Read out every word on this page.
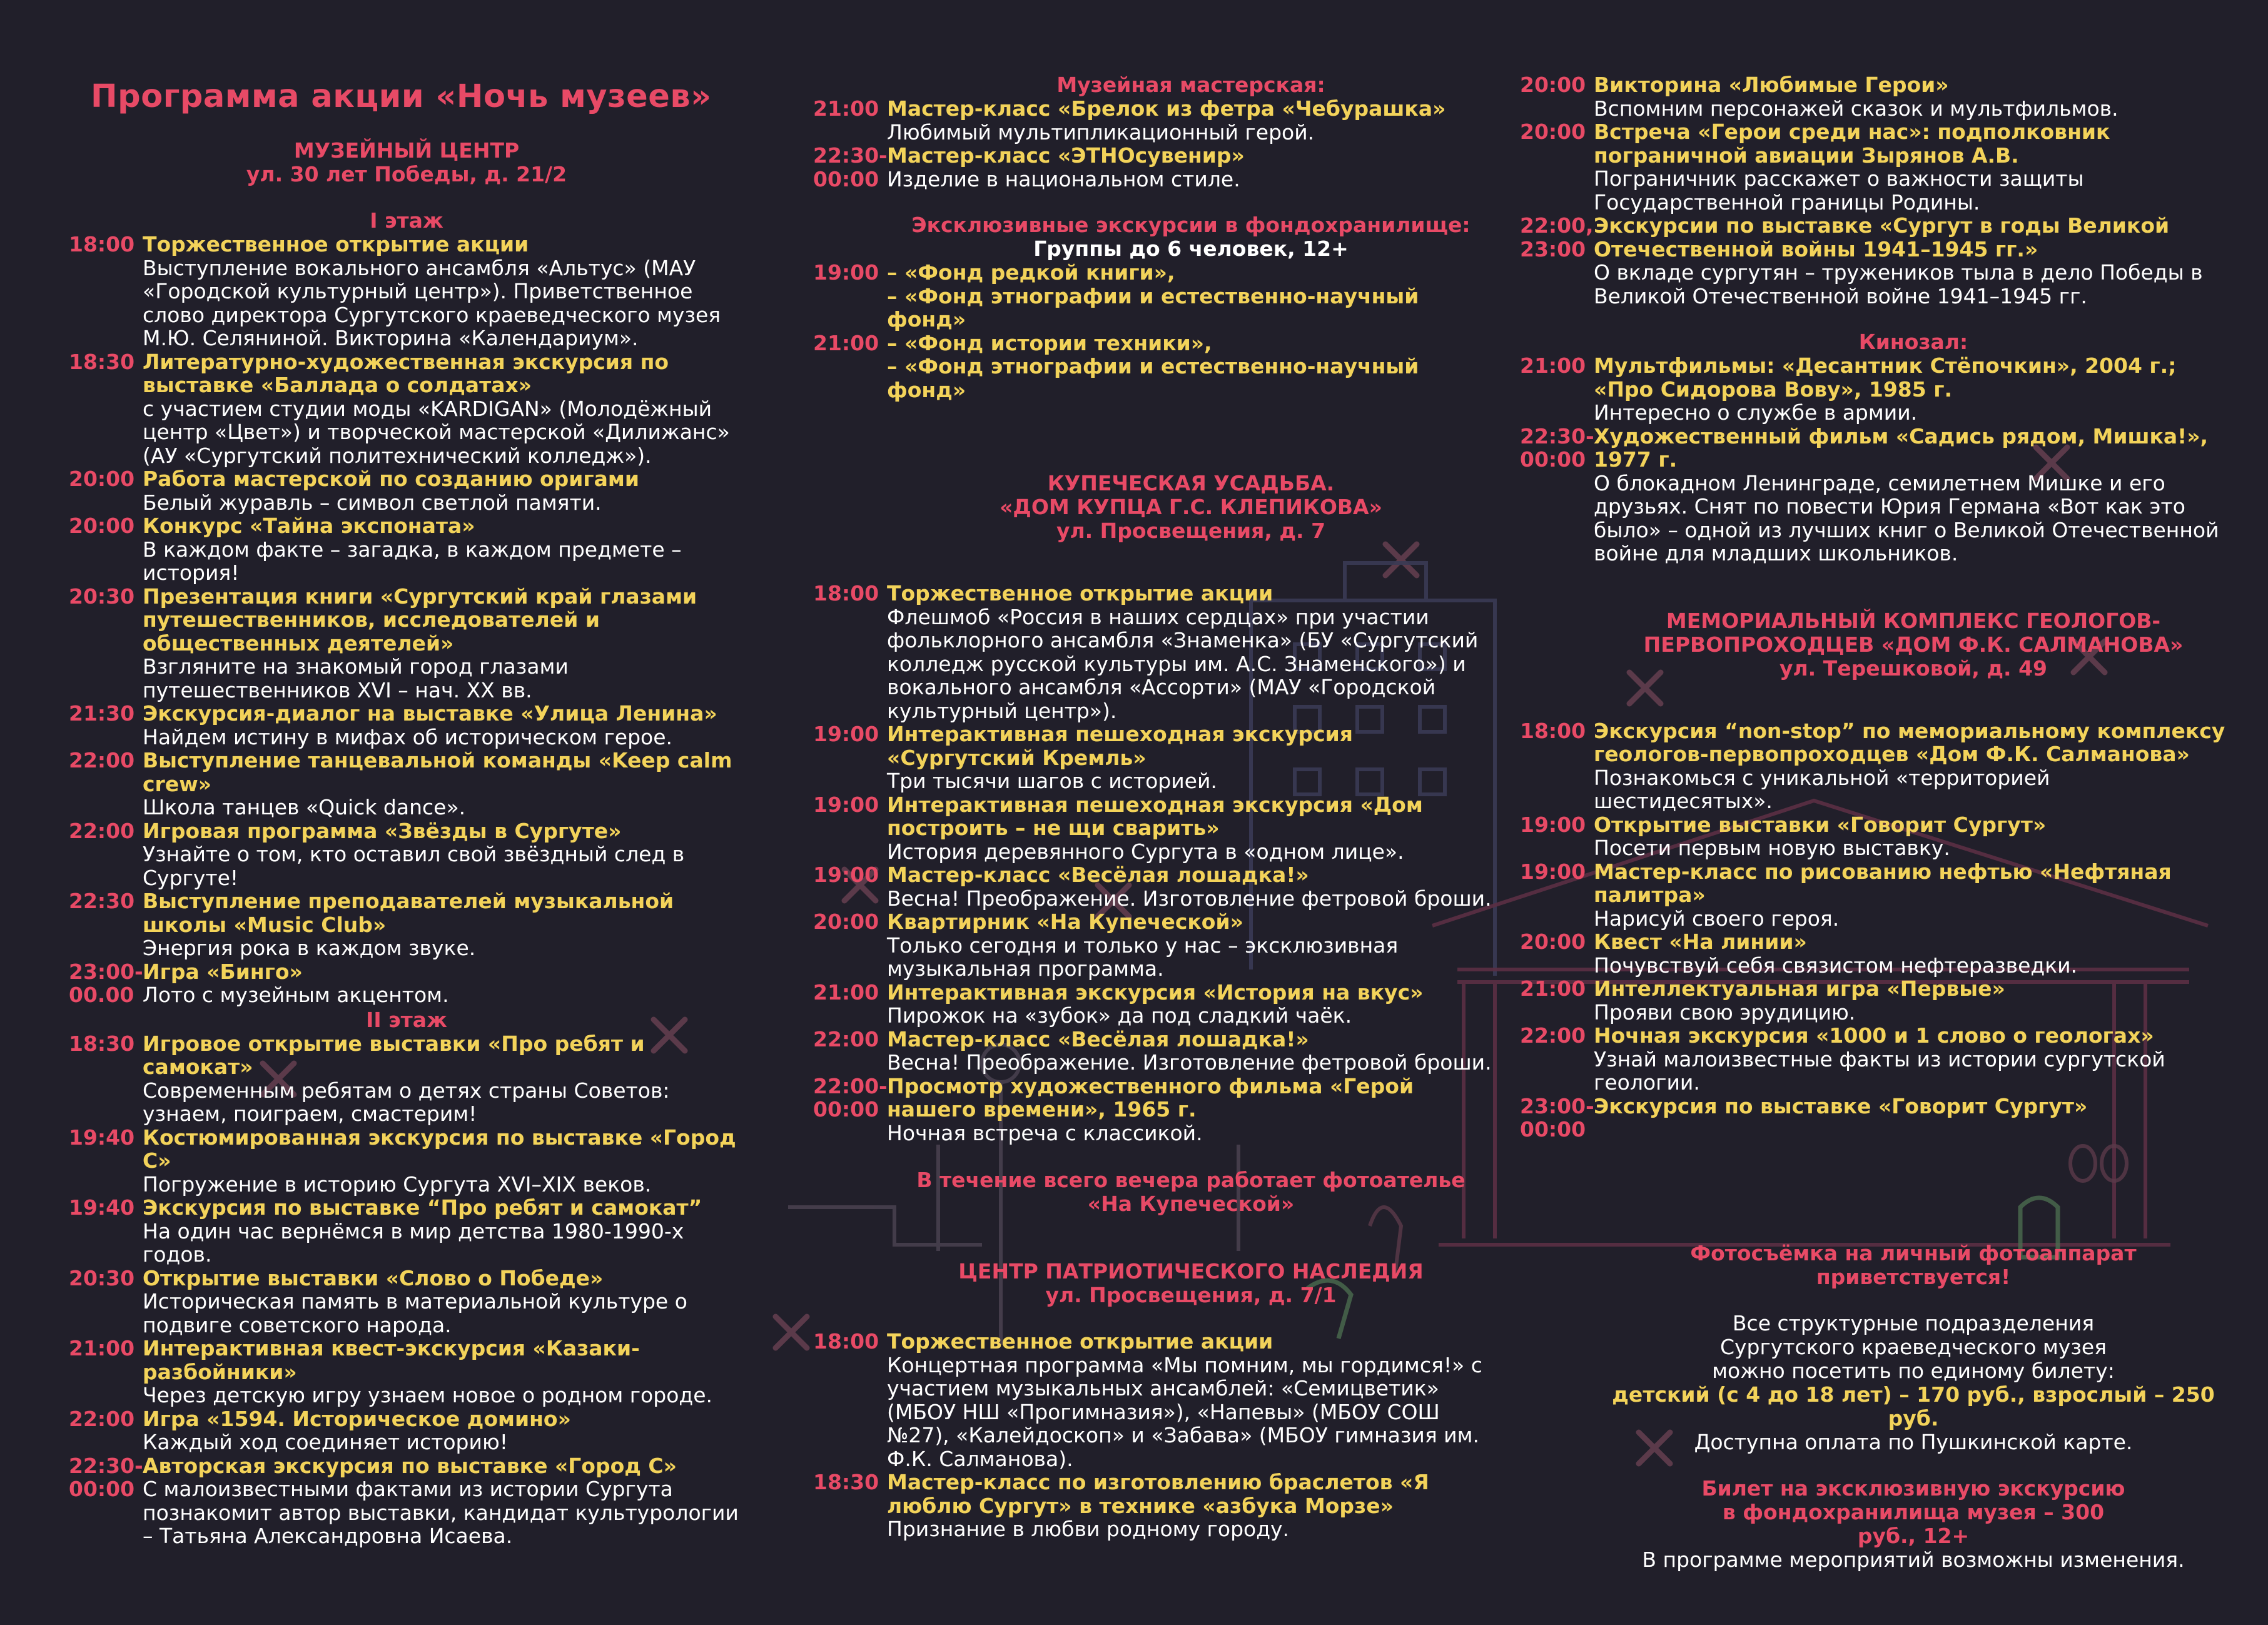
Программа акции «Ночь музеев»
МУЗЕЙНЫЙ ЦЕНТР
ул. 30 лет Победы, д. 21/2
I этаж
18:00 Торжественное открытие акции
Выступление вокального ансамбля «Альтус» (МАУ «Городской культурный центр»). Приветственное слово директора Сургутского краеведческого музея М.Ю. Селяниной. Викторина «Календариум».
18:30 Литературно-художественная экскурсия по выставке «Баллада о солдатах»
с участием студии моды «KARDIGAN» (Молодёжный центр «Цвет») и творческой мастерской «Дилижанс» (АУ «Сургутский политехнический колледж»).
20:00 Работа мастерской по созданию оригами
Белый журавль – символ светлой памяти.
20:00 Конкурс «Тайна экспоната»
В каждом факте – загадка, в каждом предмете – история!
20:30 Презентация книги «Сургутский край глазами путешественников, исследователей и общественных деятелей»
Взгляните на знакомый город глазами путешественников XVI – нач. XX вв.
21:30 Экскурсия-диалог на выставке «Улица Ленина»
Найдем истину в мифах об историческом герое.
22:00 Выступление танцевальной команды «Keep calm crew»
Школа танцев «Quick dance».
22:00 Игровая программа «Звёзды в Сургуте»
Узнайте о том, кто оставил свой звёздный след в Сургуте!
22:30 Выступление преподавателей музыкальной школы «Music Club»
Энергия рока в каждом звуке.
23:00-
00.00
Игра «Бинго»
Лото с музейным акцентом.
II этаж
18:30 Игровое открытие выставки «Про ребят и самокат»
Современным ребятам о детях страны Советов: узнаем, поиграем, смастерим!
19:40 Костюмированная экскурсия по выставке «Город С»
Погружение в историю Сургута XVI–XIX веков.
19:40 Экскурсия по выставке “Про ребят и самокат”
На один час вернёмся в мир детства 1980-1990-х годов.
20:30 Открытие выставки «Слово о Победе»
Историческая память в материальной культуре о подвиге советского народа.
21:00 Интерактивная квест-экскурсия «Казаки-разбойники»
Через детскую игру узнаем новое о родном городе.
22:00 Игра «1594. Историческое домино»
Каждый ход соединяет историю!
22:30-
00:00
Авторская экскурсия по выставке «Город С»
С малоизвестными фактами из истории Сургута познакомит автор выставки, кандидат культурологии – Татьяна Александровна Исаева.
Музейная мастерская:
21:00 Мастер-класс «Брелок из фетра «Чебурашка»
Любимый мультипликационный герой.
22:30-
00:00
Мастер-класс «ЭТНОсувенир»
Изделие в национальном стиле.
Эксклюзивные экскурсии в фондохранилище:
Группы до 6 человек, 12+
19:00 – «Фонд редкой книги»,
– «Фонд этнографии и естественно-научный фонд»
21:00 – «Фонд истории техники»,
– «Фонд этнографии и естественно-научный фонд»
КУПЕЧЕСКАЯ УСАДЬБА.
«ДОМ КУПЦА Г.С. КЛЕПИКОВА»
ул. Просвещения, д. 7
18:00 Торжественное открытие акции
Флешмоб «Россия в наших сердцах» при участии фольклорного ансамбля «Знаменка» (БУ «Сургутский колледж русской культуры им. А.С. Знаменского») и вокального ансамбля «Ассорти» (МАУ «Городской культурный центр»).
19:00 Интерактивная пешеходная экскурсия «Сургутский Кремль»
Три тысячи шагов с историей.
19:00 Интерактивная пешеходная экскурсия «Дом построить – не щи сварить»
История деревянного Сургута в «одном лице».
19:00 Мастер-класс «Весёлая лошадка!»
Весна! Преображение. Изготовление фетровой броши.
20:00 Квартирник «На Купеческой»
Только сегодня и только у нас – эксклюзивная музыкальная программа.
21:00 Интерактивная экскурсия «История на вкус»
Пирожок на «зубок» да под сладкий чаёк.
22:00 Мастер-класс «Весёлая лошадка!»
Весна! Преображение. Изготовление фетровой броши.
22:00-
00:00
Просмотр художественного фильма «Герой нашего времени», 1965 г.
Ночная встреча с классикой.
В течение всего вечера работает фотоателье «На Купеческой»
ЦЕНТР ПАТРИОТИЧЕСКОГО НАСЛЕДИЯ
ул. Просвещения, д. 7/1
18:00 Торжественное открытие акции
Концертная программа «Мы помним, мы гордимся!» с участием музыкальных ансамблей: «Семицветик» (МБОУ НШ «Прогимназия»), «Напевы» (МБОУ СОШ №27), «Калейдоскоп» и «Забава» (МБОУ гимназия им. Ф.К. Салманова).
18:30 Мастер-класс по изготовлению браслетов «Я люблю Сургут» в технике «азбука Морзе»
Признание в любви родному городу.
20:00 Викторина «Любимые Герои»
Вспомним персонажей сказок и мультфильмов.
20:00 Встреча «Герои среди нас»: подполковник пограничной авиации Зырянов А.В.
Пограничник расскажет о важности защиты Государственной границы Родины.
22:00,
23:00
Экскурсии по выставке «Сургут в годы Великой Отечественной войны 1941–1945 гг.»
О вкладе сургутян – тружеников тыла в дело Победы в Великой Отечественной войне 1941–1945 гг.
Кинозал:
21:00 Мультфильмы: «Десантник Стёпочкин», 2004 г.; «Про Сидорова Вову», 1985 г.
Интересно о службе в армии.
22:30-
00:00
Художественный фильм «Садись рядом, Мишка!», 1977 г.
О блокадном Ленинграде, семилетнем Мишке и его друзьях. Снят по повести Юрия Германа «Вот как это было» – одной из лучших книг о Великой Отечественной войне для младших школьников.
МЕМОРИАЛЬНЫЙ КОМПЛЕКС ГЕОЛОГОВ-ПЕРВОПРОХОДЦЕВ «ДОМ Ф.К. САЛМАНОВА»
ул. Терешковой, д. 49
18:00 Экскурсия “non-stop” по мемориальному комплексу геологов-первопроходцев «Дом Ф.К. Салманова»
Познакомься с уникальной «территорией шестидесятых».
19:00 Открытие выставки «Говорит Сургут»
Посети первым новую выставку.
19:00 Мастер-класс по рисованию нефтью «Нефтяная палитра»
Нарисуй своего героя.
20:00 Квест «На линии»
Почувствуй себя связистом нефтеразведки.
21:00 Интеллектуальная игра «Первые»
Прояви свою эрудицию.
22:00 Ночная экскурсия «1000 и 1 слово о геологах»
Узнай малоизвестные факты из истории сургутской геологии.
23:00-
00:00
Экскурсия по выставке «Говорит Сургут»
Фотосъёмка на личный фотоаппарат приветствуется!
Все структурные подразделения Сургутского краеведческого музея можно посетить по единому билету:
детский (с 4 до 18 лет) – 170 руб., взрослый – 250 руб.
Доступна оплата по Пушкинской карте.
Билет на эксклюзивную экскурсию в фондохранилища музея – 300 руб., 12+
В программе мероприятий возможны изменения.
